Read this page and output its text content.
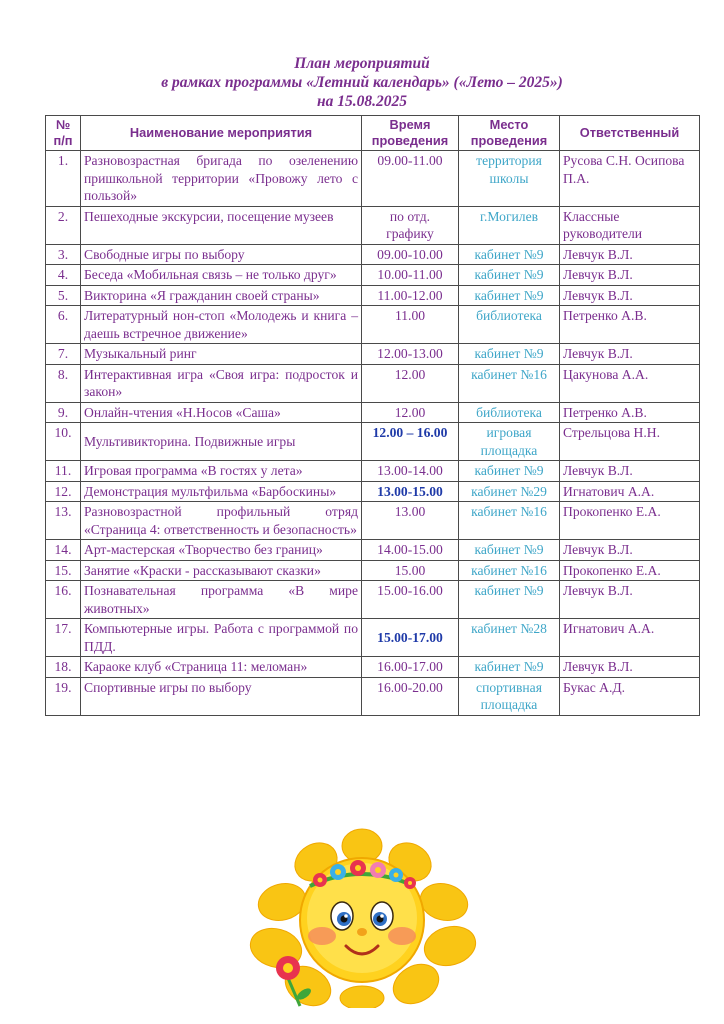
План мероприятий
в рамках программы «Летний календарь» («Лето – 2025»)
на 15.08.2025
№ п/п	Наименование мероприятия	Время проведения	Место проведения	Ответственный
1.	Разновозрастная бригада по озеленению пришкольной территории «Провожу лето с пользой»	09.00-11.00	территория школы	Русова С.Н. Осипова П.А.
2.	Пешеходные экскурсии, посещение музеев	по отд. графику	г.Могилев	Классные руководители
3.	Свободные игры по выбору	09.00-10.00	кабинет №9	Левчук В.Л.
4.	Беседа «Мобильная связь – не только друг»	10.00-11.00	кабинет №9	Левчук В.Л.
5.	Викторина «Я гражданин своей страны»	11.00-12.00	кабинет №9	Левчук В.Л.
6.	Литературный нон-стоп «Молодежь и книга – даешь встречное движение»	11.00	библиотека	Петренко А.В.
7.	Музыкальный ринг	12.00-13.00	кабинет №9	Левчук В.Л.
8.	Интерактивная игра «Своя игра: подросток и закон»	12.00	кабинет №16	Цакунова А.А.
9.	Онлайн-чтения «Н.Носов «Саша»	12.00	библиотека	Петренко А.В.
10.	Мультивикторина. Подвижные игры	12.00 – 16.00	игровая площадка	Стрельцова Н.Н.
11.	Игровая программа «В гостях у лета»	13.00-14.00	кабинет №9	Левчук В.Л.
12.	Демонстрация мультфильма «Барбоскины»	13.00-15.00	кабинет №29	Игнатович А.А.
13.	Разновозрастной профильный отряд «Страница 4: ответственность и безопасность»	13.00	кабинет №16	Прокопенко Е.А.
14.	Арт-мастерская «Творчество без границ»	14.00-15.00	кабинет №9	Левчук В.Л.
15.	Занятие «Краски - рассказывают сказки»	15.00	кабинет №16	Прокопенко Е.А.
16.	Познавательная программа «В мире животных»	15.00-16.00	кабинет №9	Левчук В.Л.
17.	Компьютерные игры. Работа с программой по ПДД.	15.00-17.00	кабинет №28	Игнатович А.А.
18.	Караоке клуб «Страница 11: меломан»	16.00-17.00	кабинет №9	Левчук В.Л.
19.	Спортивные игры по выбору	16.00-20.00	спортивная площадка	Букас А.Д.
